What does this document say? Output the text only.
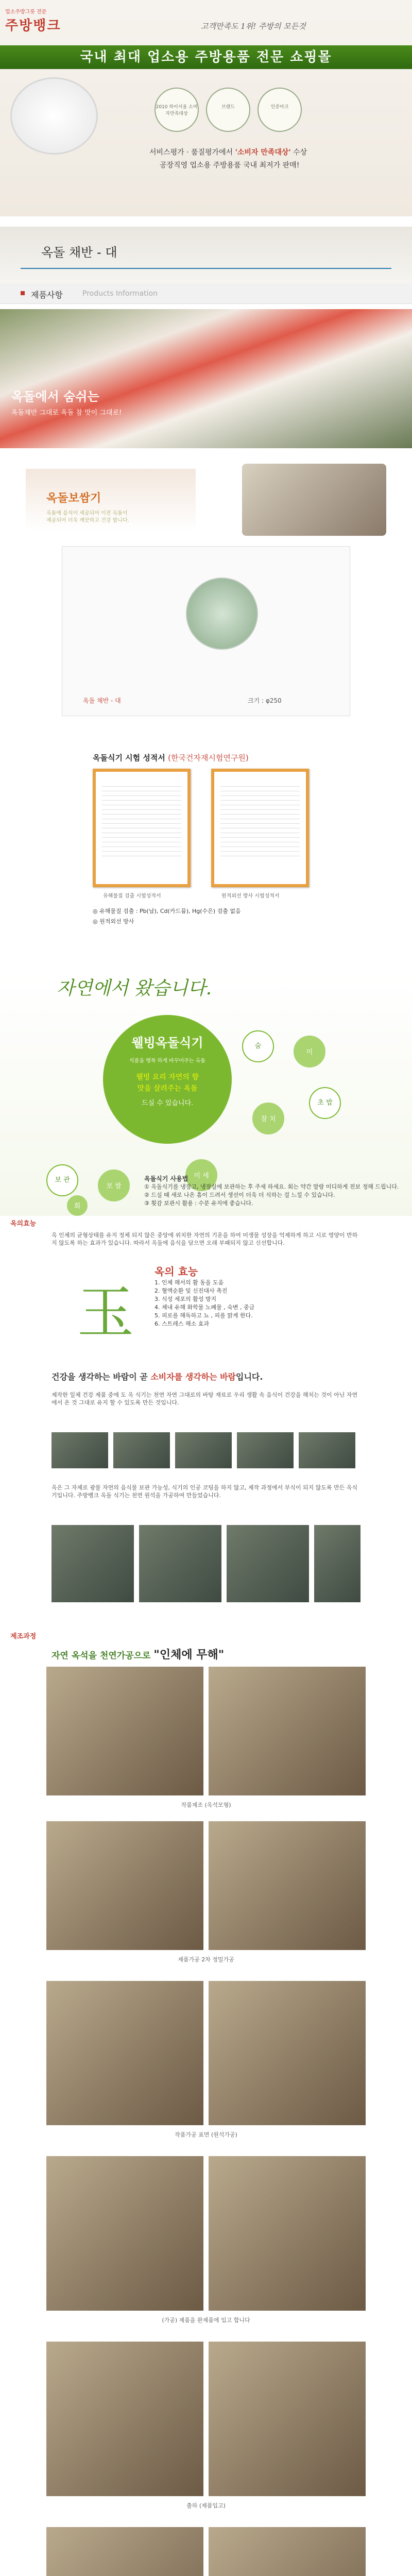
업소주방그릇 전문
주방뱅크	고객만족도 1위! 주방의 모든것
국내 최대 업소용 주방용품 전문 쇼핑몰
2010 하이서울 소비자만족대상
브랜드	인증마크
서비스평가 · 품질평가에서 '소비자 만족대상' 수상
공장직영 업소용 주방용품 국내 최저가 판매!
옥돌 채반 - 대
제품사항	Products Information
옥돌에서 숨쉬는
옥돌채반 그대로 옥돌 참 맛이 그대로!
옥돌보쌈기
옥돌에 음식이 세공되어 이전 옥돌이
제공되어 더욱 깨끗하고 건강 합니다.
옥돌 채반 - 대	크기 : φ250
옥돌식기 시험 성적서 (한국건자재시험연구원)
유해물질 검출 시험성적서	원적외선 방사 시험성적서
◎ 유해물질 검출 : Pb(납), Cd(카드뮴), Hg(수은) 검출 없음
◎ 원적외선 방사
자연에서 왔습니다.
웰빙옥돌식기
식품을 행복 하게 바꾸어주는 옥돌
웰빙 요리 자연의 향
맛을 살려주는 옥돌
드실 수 있습니다.
숨
미
보 관
참 치
미 세
초 밥
보 쌈
회
옥돌식기 사용법
① 옥돌식기를 냉장고, 냉장실에 보관하는 후 주세 하세요. 회는 약간 말랑 미디하게 전보 정해 드립니다.
② 드실 때 새로 나온 흠이 드려서 생선이 더욱 더 식하는 걸 느낄 수 있습니다.
③ 횟감 보관시 활용 : 수분 유지에 좋습니다.
옥의효능
옥 인체의 균형상태를 유지 정체 되지 않은 중앙에 위치한 자연의 기운을 하여 미생물 성장을 억제하게 하고 시로 영양이 반하지 않도록 하는 효과가 있습니다. 따라서 옥돌에 음식을 담으면 오래 부패되지 않고 신선합니다.
玉
옥의 효능
1. 인체 해서의 활 동을 도움
2. 혈액순환 및 신진대사 촉진
3. 식성 세포의 활성 방지
4. 체내 유해 화학물 노폐물 , 숙변 , 중금
5. 피로를 해독하고 뇨 , 피를 맑게 한다.
6. 스트레스 해소 효과
건강을 생각하는 바람이 곧 소비자를 생각하는 바람입니다.
제작한 일체 건강 제품 중에 도 옥 식기는 천연 자연 그대로의 바탕 재료로 우리 생활 속 음식이 건강을 해치는 것이 아닌 자연에서 온 것 그대로 유지 할 수 있도록 만든 것입니다.
옥은 그 자체로 광물 자연의 음식물 보관 가능성, 식기의 인공 코팅을 하지 않고, 제작 과정에서 부식이 되지 않도록 만든 옥식기입니다. 주방뱅크 옥돌 식기는 천연 원석을 가공하여 만들었습니다.
제조과정
자연 옥석을 천연가공으로 "인체에 무해"
작품제조 (옥석모형)
제품가공 2차 정밀가공
작품가공 표면 (원석가공)
(가공) 제품을 완제품에 입고 합니다
출하 (제품입고)
